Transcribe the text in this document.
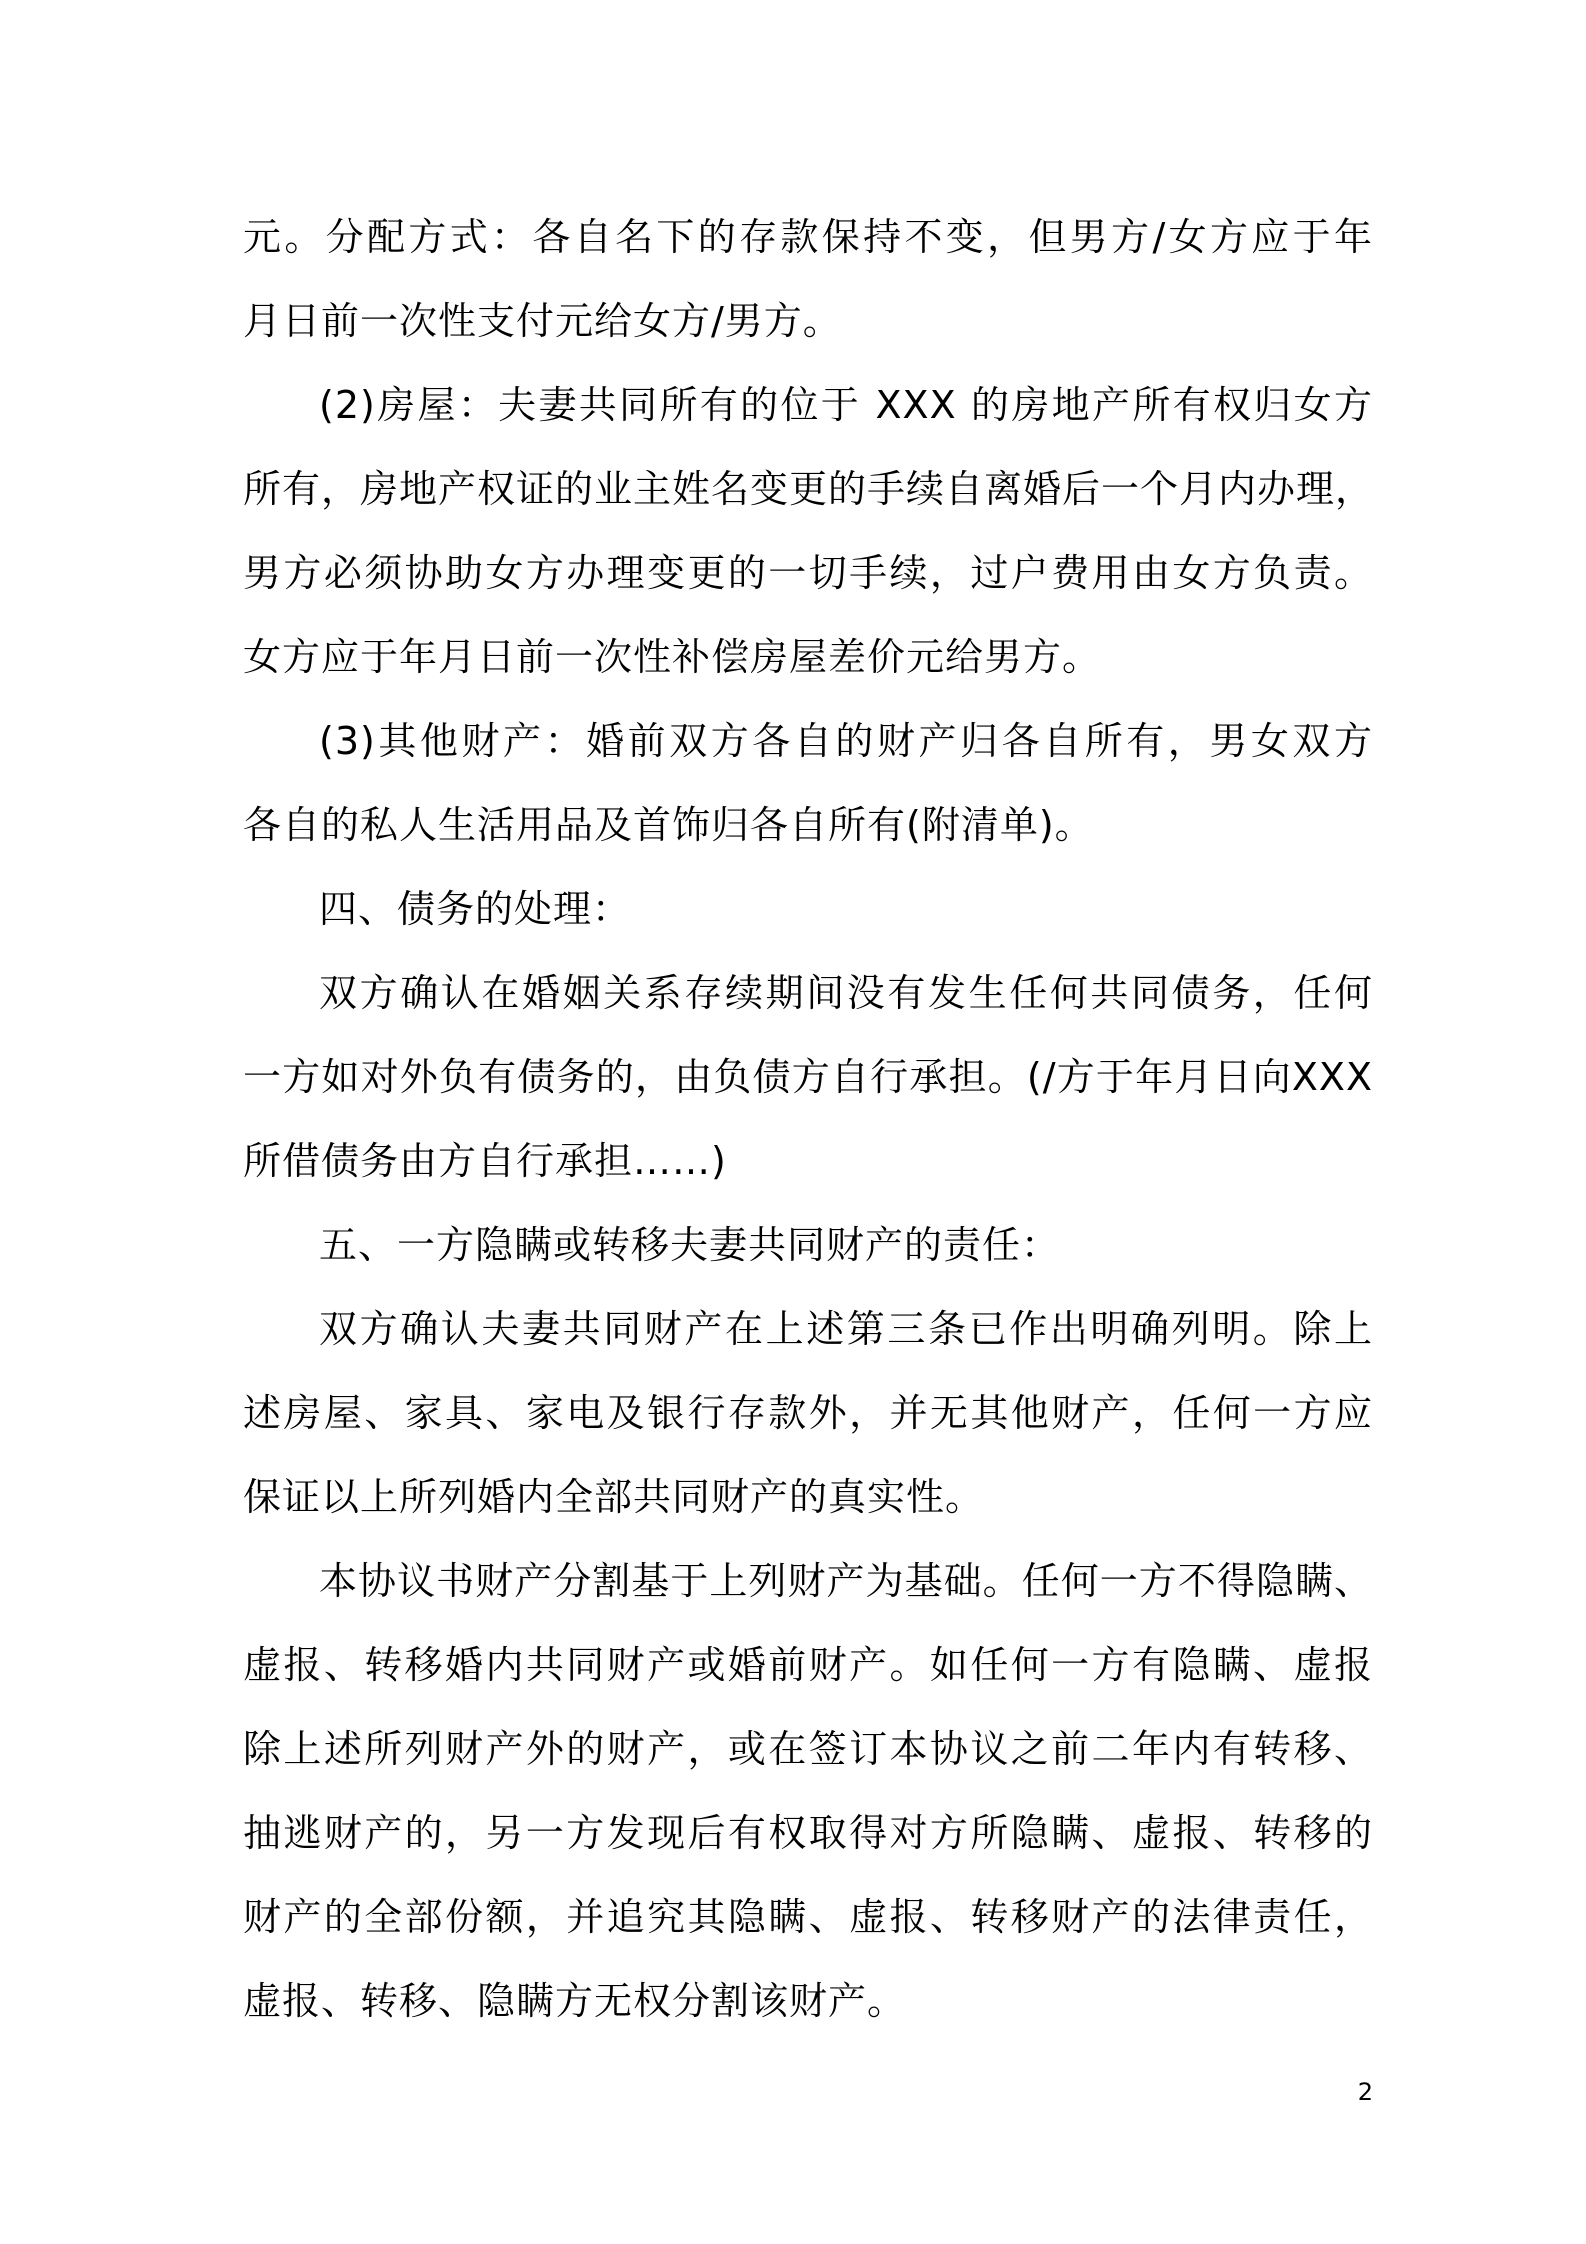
元。分配方式：各自名下的存款保持不变，但男方/女方应于年
月日前一次性支付元给女方/男方。
(2)房屋：夫妻共同所有的位于 XXX 的房地产所有权归女方
所有，房地产权证的业主姓名变更的手续自离婚后一个月内办理，
男方必须协助女方办理变更的一切手续，过户费用由女方负责。
女方应于年月日前一次性补偿房屋差价元给男方。
(3)其他财产：婚前双方各自的财产归各自所有，男女双方
各自的私人生活用品及首饰归各自所有(附清单)。
四、债务的处理：
双方确认在婚姻关系存续期间没有发生任何共同债务，任何
一方如对外负有债务的，由负债方自行承担。(/方于年月日向XXX
所借债务由方自行承担……)
五、一方隐瞒或转移夫妻共同财产的责任：
双方确认夫妻共同财产在上述第三条已作出明确列明。除上
述房屋、家具、家电及银行存款外，并无其他财产，任何一方应
保证以上所列婚内全部共同财产的真实性。
本协议书财产分割基于上列财产为基础。任何一方不得隐瞒、
虚报、转移婚内共同财产或婚前财产。如任何一方有隐瞒、虚报
除上述所列财产外的财产，或在签订本协议之前二年内有转移、
抽逃财产的，另一方发现后有权取得对方所隐瞒、虚报、转移的
财产的全部份额，并追究其隐瞒、虚报、转移财产的法律责任，
虚报、转移、隐瞒方无权分割该财产。
2
